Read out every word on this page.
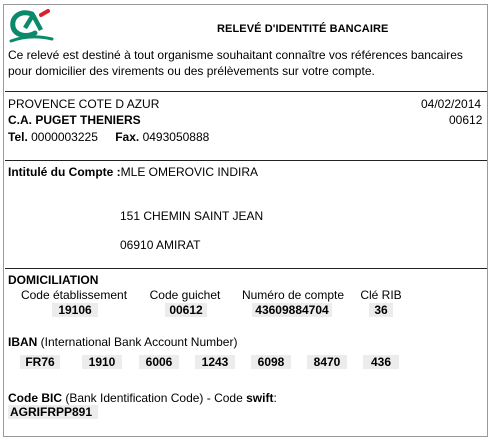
RELEVÉ D'IDENTITÉ BANCAIRE
Ce relevé est destiné à tout organisme souhaitant connaître vos références bancaires
pour domicilier des virements ou des prélèvements sur votre compte.
PROVENCE COTE D AZUR	04/02/2014
C.A. PUGET THENIERS	00612
Tel. 0000003225 Fax. 0493050888
Intitulé du Compte :MLE OMEROVIC INDIRA
151 CHEMIN SAINT JEAN
06910 AMIRAT
DOMICILIATION
Code établissement
19106
Code guichet
00612
Numéro de compte
43609884704
Clé RIB
36
IBAN (International Bank Account Number)
FR76	1910	6006	1243	6098	8470	436
Code BIC (Bank Identification Code) - Code swift:
AGRIFRPP891
